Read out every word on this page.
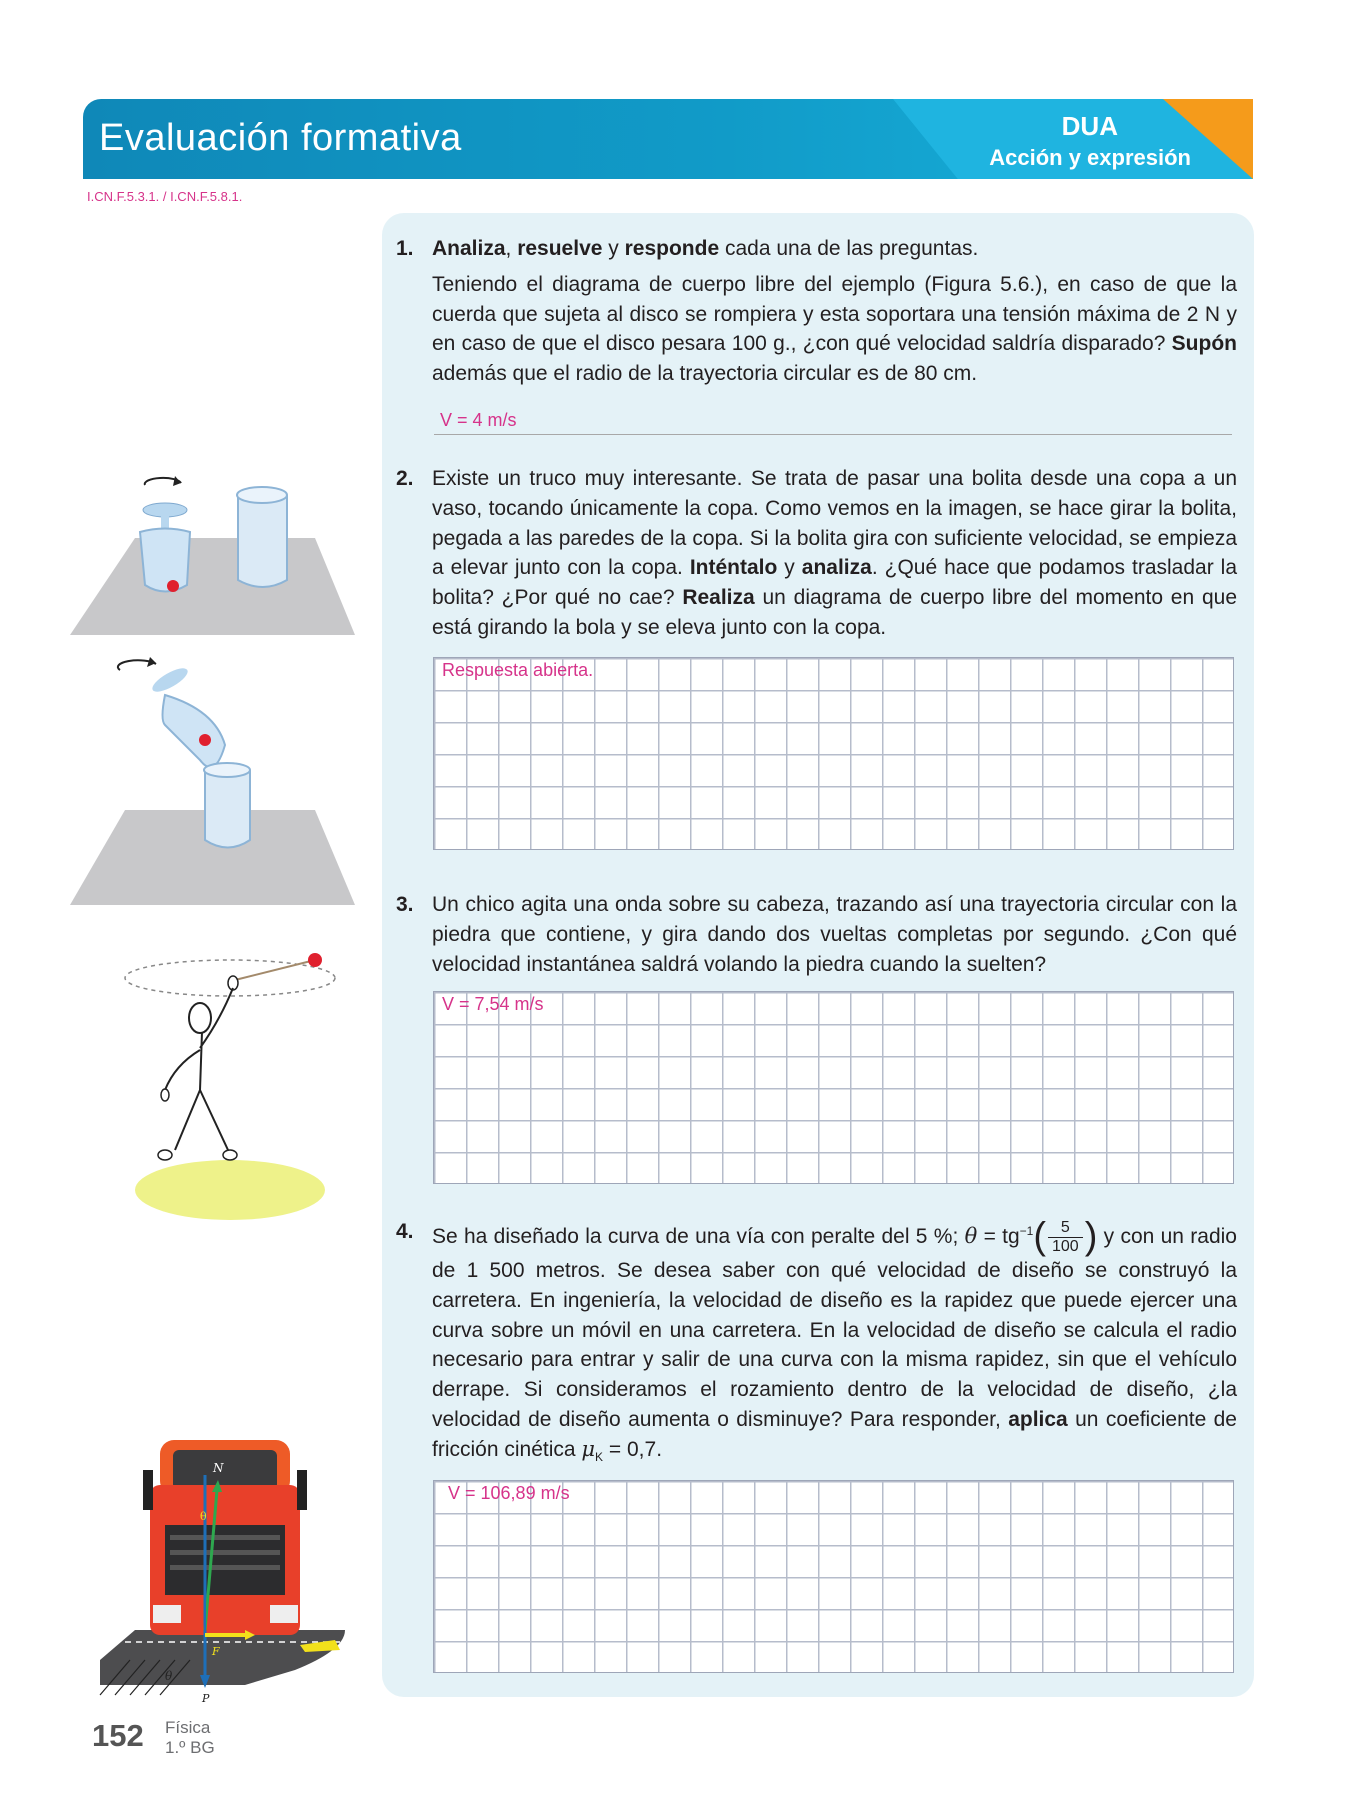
Evaluación formativa	DUA
Acción y expresión
I.CN.F.5.3.1. / I.CN.F.5.8.1.
1. Analiza, resuelve y responde cada una de las preguntas.

Teniendo el diagrama de cuerpo libre del ejemplo (Figura 5.6.), en caso de que la cuerda que sujeta al disco se rompiera y esta soportara una tensión máxima de 2 N y en caso de que el disco pesara 100 g., ¿con qué velocidad saldría disparado? Supón además que el radio de la trayectoria circular es de 80 cm.

V = 4 m/s
2. Existe un truco muy interesante. Se trata de pasar una bolita desde una copa a un vaso, tocando únicamente la copa. Como vemos en la imagen, se hace girar la bolita, pegada a las paredes de la copa. Si la bolita gira con suficiente velocidad, se empieza a elevar junto con la copa. Inténtalo y analiza. ¿Qué hace que podamos trasladar la bolita? ¿Por qué no cae? Realiza un diagrama de cuerpo libre del momento en que está girando la bola y se eleva junto con la copa.
Respuesta abierta.
3. Un chico agita una onda sobre su cabeza, trazando así una trayectoria circular con la piedra que contiene, y gira dando dos vueltas completas por segundo. ¿Con qué velocidad instantánea saldrá volando la piedra cuando la suelten?
V = 7,54 m/s
4. Se ha diseñado la curva de una vía con peralte del 5 %; $\theta = tg^{-1}( \frac{5}{100}$ ) y con un radio de 1 500 metros. Se desea saber con qué velocidad de diseño se construyó la carretera. En ingeniería, la velocidad de diseño es la rapidez que puede ejercer una curva sobre un móvil en una carretera. En la velocidad de diseño se calcula el radio necesario para entrar y salir de una curva con la misma rapidez, sin que el vehículo derrape. Si consideramos el rozamiento dentro de la velocidad de diseño, ¿la velocidad de diseño aumenta o disminuye? Para responder, aplica un coeficiente de fricción cinética $\mu_K = 0,7$.
V = 106,89 m/s
N
θ
F
θ
P
152 Física
1.º BG
